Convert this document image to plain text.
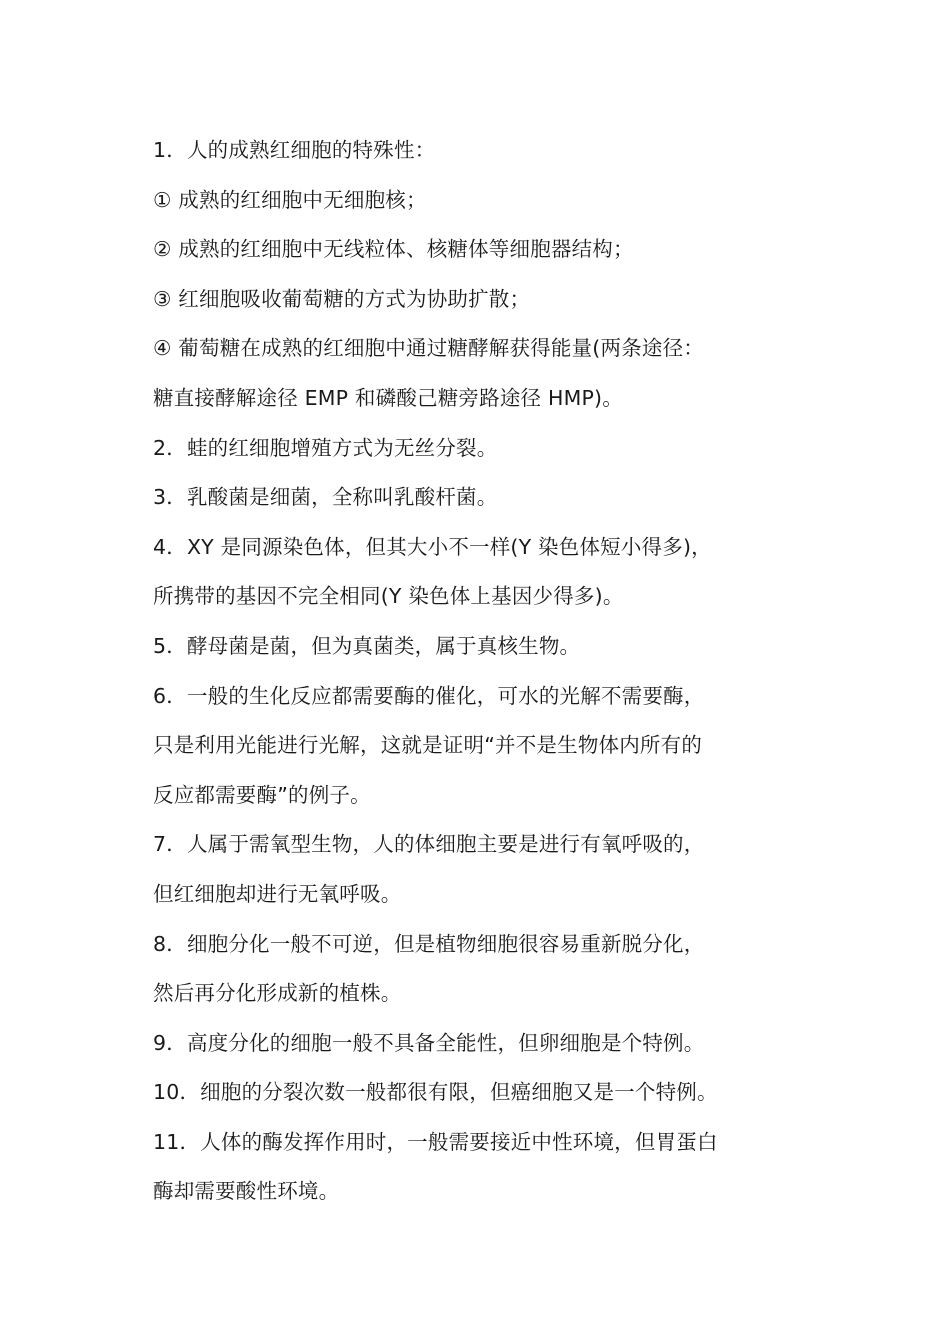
1．人的成熟红细胞的特殊性：

① 成熟的红细胞中无细胞核；

② 成熟的红细胞中无线粒体、核糖体等细胞器结构；

③ 红细胞吸收葡萄糖的方式为协助扩散；

④ 葡萄糖在成熟的红细胞中通过糖酵解获得能量(两条途径：

糖直接酵解途径 EMP 和磷酸己糖旁路途径 HMP)。

2．蛙的红细胞增殖方式为无丝分裂。

3．乳酸菌是细菌，全称叫乳酸杆菌。

4．XY 是同源染色体，但其大小不一样(Y 染色体短小得多)，

所携带的基因不完全相同(Y 染色体上基因少得多)。

5．酵母菌是菌，但为真菌类，属于真核生物。

6．一般的生化反应都需要酶的催化，可水的光解不需要酶，

只是利用光能进行光解，这就是证明“并不是生物体内所有的

反应都需要酶”的例子。

7．人属于需氧型生物，人的体细胞主要是进行有氧呼吸的，

但红细胞却进行无氧呼吸。

8．细胞分化一般不可逆，但是植物细胞很容易重新脱分化，

然后再分化形成新的植株。

9．高度分化的细胞一般不具备全能性，但卵细胞是个特例。

10．细胞的分裂次数一般都很有限，但癌细胞又是一个特例。

11．人体的酶发挥作用时，一般需要接近中性环境，但胃蛋白

酶却需要酸性环境。
